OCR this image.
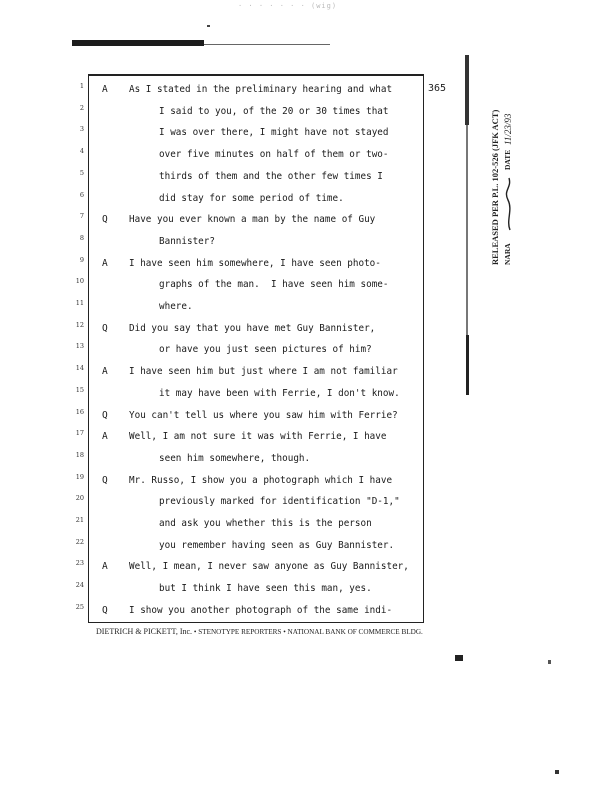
· · · · · · · (wig)
1
2
3
4
5
6
7
8
9
10
11
12
13
14
15
16
17
18
19
20
21
22
23
24
25
A As I stated in the preliminary hearing and what
I said to you, of the 20 or 30 times that
I was over there, I might have not stayed
over five minutes on half of them or two-
thirds of them and the other few times I
did stay for some period of time.
Q Have you ever known a man by the name of Guy
Bannister?
A I have seen him somewhere, I have seen photo-
graphs of the man.  I have seen him some-
where.
Q Did you say that you have met Guy Bannister,
or have you just seen pictures of him?
A I have seen him but just where I am not familiar
it may have been with Ferrie, I don't know.
Q You can't tell us where you saw him with Ferrie?
A Well, I am not sure it was with Ferrie, I have
seen him somewhere, though.
Q Mr. Russo, I show you a photograph which I have
previously marked for identification "D-1,"
and ask you whether this is the person
you remember having seen as Guy Bannister.
A Well, I mean, I never saw anyone as Guy Bannister,
but I think I have seen this man, yes.
Q I show you another photograph of the same indi-
365
RELEASED PER P.L. 102-526 (JFK ACT) NARA
DATE
11/23/93
DIETRICH & PICKETT, Inc. • STENOTYPE REPORTERS • NATIONAL BANK OF COMMERCE BLDG.
